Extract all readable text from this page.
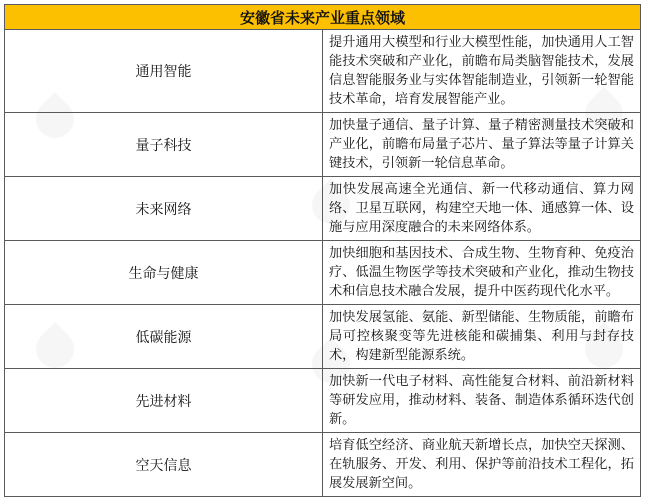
安徽省未来产业重点领域	
通用智能	提升通用大模型和行业大模型性能，加快通用人工智能技术突破和产业化，前瞻布局类脑智能技术，发展信息智能服务业与实体智能制造业，引领新一轮智能技术革命，培育发展智能产业。
量子科技	加快量子通信、量子计算、量子精密测量技术突破和产业化，前瞻布局量子芯片、量子算法等量子计算关键技术，引领新一轮信息革命。
未来网络	加快发展高速全光通信、新一代移动通信、算力网络、卫星互联网，构建空天地一体、通感算一体、设施与应用深度融合的未来网络体系。
生命与健康	加快细胞和基因技术、合成生物、生物育种、免疫治疗、低温生物医学等技术突破和产业化，推动生物技术和信息技术融合发展，提升中医药现代化水平。
低碳能源	加快发展氢能、氨能、新型储能、生物质能，前瞻布局可控核聚变等先进核能和碳捕集、利用与封存技术，构建新型能源系统。
先进材料	加快新一代电子材料、高性能复合材料、前沿新材料等研发应用，推动材料、装备、制造体系循环迭代创新。
空天信息	培育低空经济、商业航天新增长点，加快空天探测、在轨服务、开发、利用、保护等前沿技术工程化，拓展发展新空间。
